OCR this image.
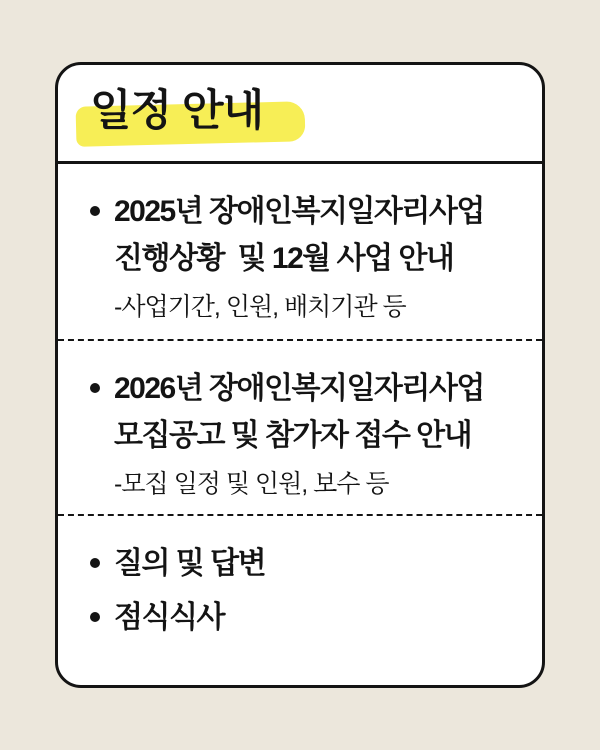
일정 안내

2025년 장애인복지일자리사업

진행상황  및 12월 사업 안내

-사업기간, 인원, 배치기관 등

2026년 장애인복지일자리사업

모집공고 및 참가자 접수 안내

-모집 일정 및 인원, 보수 등

질의 및 답변

점식식사
